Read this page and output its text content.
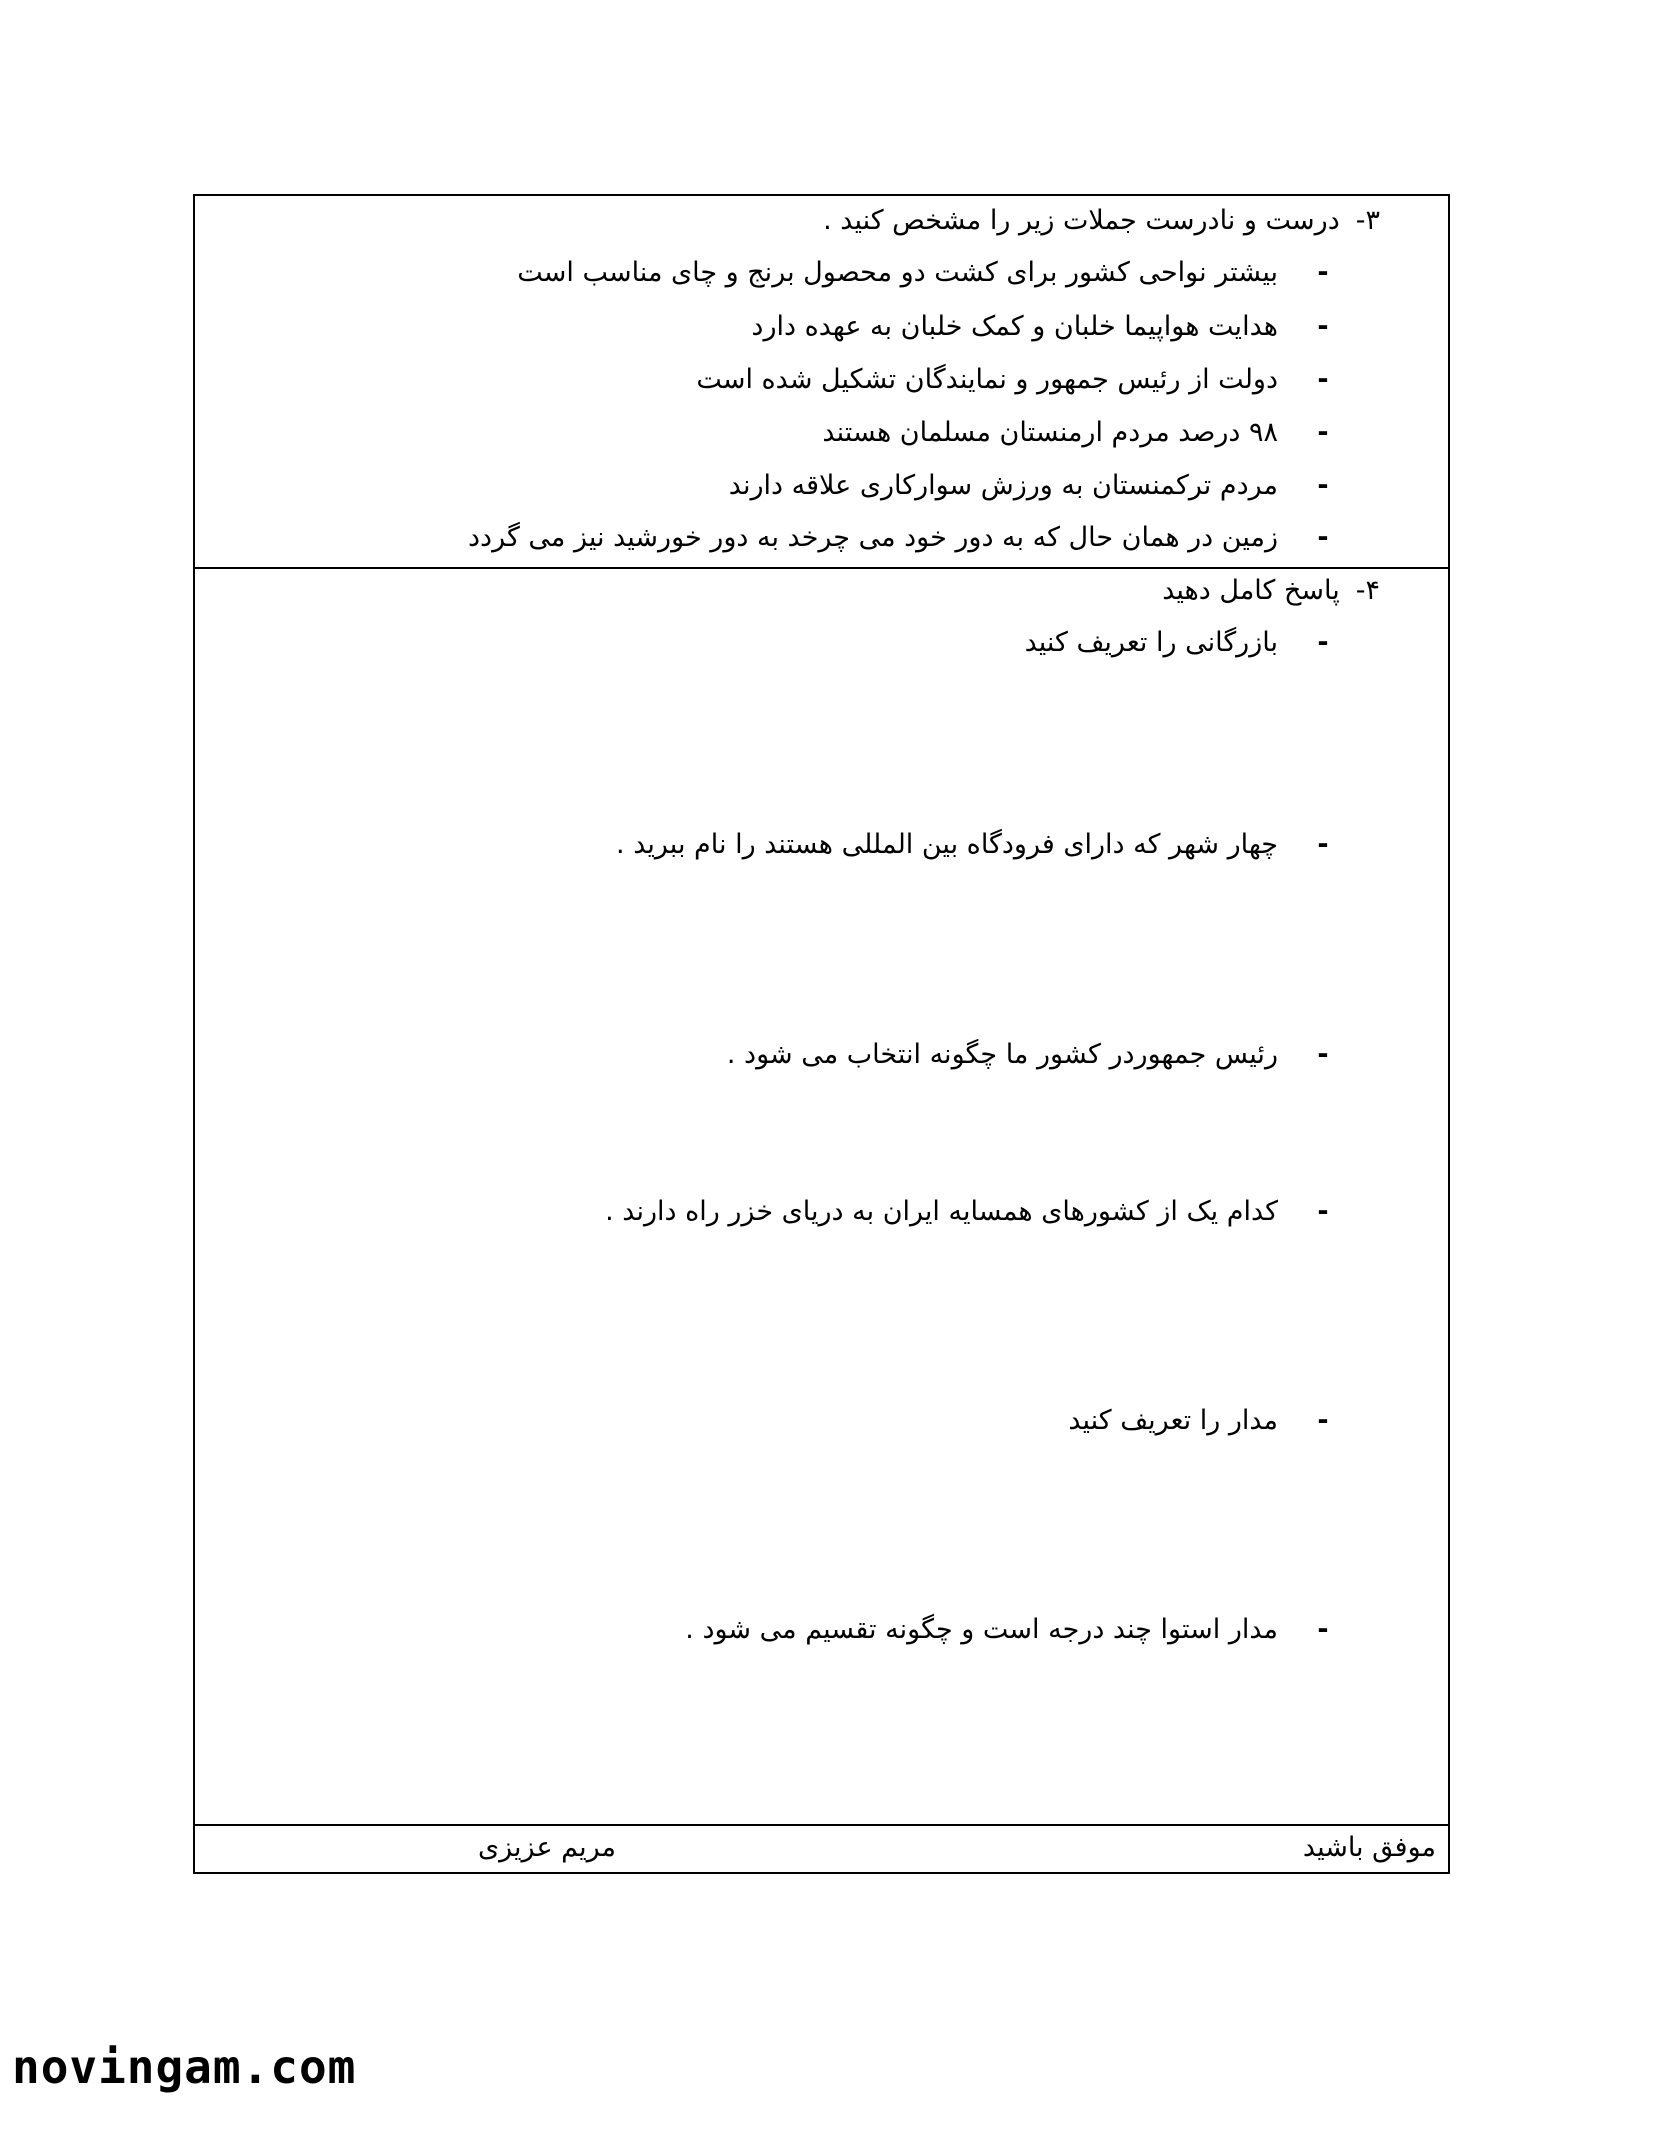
۳-درست و نادرست جملات زیر را مشخص کنید .
-بیشتر نواحی کشور برای کشت دو محصول برنج و چای مناسب است
-هدایت هواپیما خلبان و کمک خلبان به عهده دارد
-دولت از رئیس جمهور و نمایندگان تشکیل شده است
-۹۸ درصد مردم ارمنستان مسلمان هستند
-مردم ترکمنستان به ورزش سوارکاری علاقه دارند
-زمین در همان حال که به دور خود می چرخد به دور خورشید نیز می گردد
۴-پاسخ کامل دهید
-بازرگانی را تعریف کنید
-چهار شهر که دارای فرودگاه بین المللی هستند را نام ببرید .
-رئیس جمهوردر کشور ما چگونه انتخاب می شود .
-کدام یک از کشورهای همسایه ایران به دریای خزر راه دارند .
-مدار را تعریف کنید
-مدار استوا چند درجه است و چگونه تقسیم می شود .
موفق باشید
مریم عزیزی
novingam.com
